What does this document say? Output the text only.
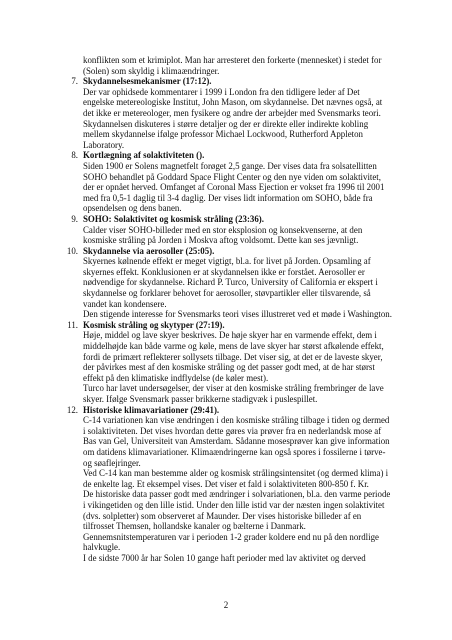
konflikten som et krimiplot. Man har arresteret den forkerte (mennesket) i stedet for

(Solen) som skyldig i klimaændringer.

7. Skydannelsesmekanismer (17:12).

Der var ophidsede kommentarer i 1999 i London fra den tidligere leder af Det engelske metereologiske Institut, John Mason, om skydannelse. Det nævnes også, at det ikke er metereologer, men fysikere og andre der arbejder med Svensmarks teori. Skydannelsen diskuteres i større detaljer og der er direkte eller indirekte kobling mellem skydannelse ifølge professor Michael Lockwood, Rutherford Appleton Laboratory.

8. Kortlægning af solaktiviteten ().

Siden 1900 er Solens magnetfelt forøget 2,5 gange. Der vises data fra solsatellitten SOHO behandlet på Goddard Space Flight Center og den nye viden om solaktivitet, der er opnået herved. Omfanget af Coronal Mass Ejection er vokset fra 1996 til 2001 med fra 0,5-1 daglig til 3-4 daglig. Der vises lidt information om SOHO, både fra opsendelsen og dens banen.

9. SOHO: Solaktivitet og kosmisk stråling (23:36).

Calder viser SOHO-billeder med en stor eksplosion og konsekvenserne, at den kosmiske stråling på Jorden i Moskva aftog voldsomt. Dette kan ses jævnligt.

10. Skydannelse via aerosoller (25:05).

Skyernes kølnende effekt er meget vigtigt, bl.a. for livet på Jorden. Opsamling af skyernes effekt. Konklusionen er at skydannelsen ikke er forstået. Aerosoller er nødvendige for skydannelse. Richard P. Turco, University of California er ekspert i skydannelse og forklarer behovet for aerosoller, støvpartikler eller tilsvarende, så vandet kan kondensere.

Den stigende interesse for Svensmarks teori vises illustreret ved et møde i Washington.

11. Kosmisk stråling og skytyper (27:19).

Høje, middel og lave skyer beskrives. De høje skyer har en varmende effekt, dem i middelhøjde kan både varme og køle, mens de lave skyer har størst afkølende effekt, fordi de primært reflekterer sollysets tilbage. Det viser sig, at det er de laveste skyer, der påvirkes mest af den kosmiske stråling og det passer godt med, at de har størst effekt på den klimatiske indflydelse (de køler mest).

Turco har lavet undersøgelser, der viser at den kosmiske stråling frembringer de lave skyer. Ifølge Svensmark passer brikkerne stadigvæk i puslespillet.

12. Historiske klimavariationer (29:41).

C-14 variationen kan vise ændringen i den kosmiske stråling tilbage i tiden og dermed i solaktiviteten. Det vises hvordan dette gøres via prøver fra en nederlandsk mose af Bas van Gel, Universiteit van Amsterdam. Sådanne mosesprøver kan give information om datidens klimavariationer. Klimaændringerne kan også spores i fossilerne i tørve- og søaflejringer.

Ved C-14 kan man bestemme alder og kosmisk strålingsintensitet (og dermed klima) i de enkelte lag. Et eksempel vises. Det viser et fald i solaktiviteten 800-850 f. Kr.

De historiske data passer godt med ændringer i solvariationen, bl.a. den varme periode i vikingetiden og den lille istid. Under den lille istid var der næsten ingen solaktivitet (dvs. solpletter) som observeret af Maunder. Der vises historiske billeder af en tilfrosset Themsen, hollandske kanaler og bælterne i Danmark.

Gennemsnitstemperaturen var i perioden 1-2 grader koldere end nu på den nordlige halvkugle.

I de sidste 7000 år har Solen 10 gange haft perioder med lav aktivitet og derved

2
